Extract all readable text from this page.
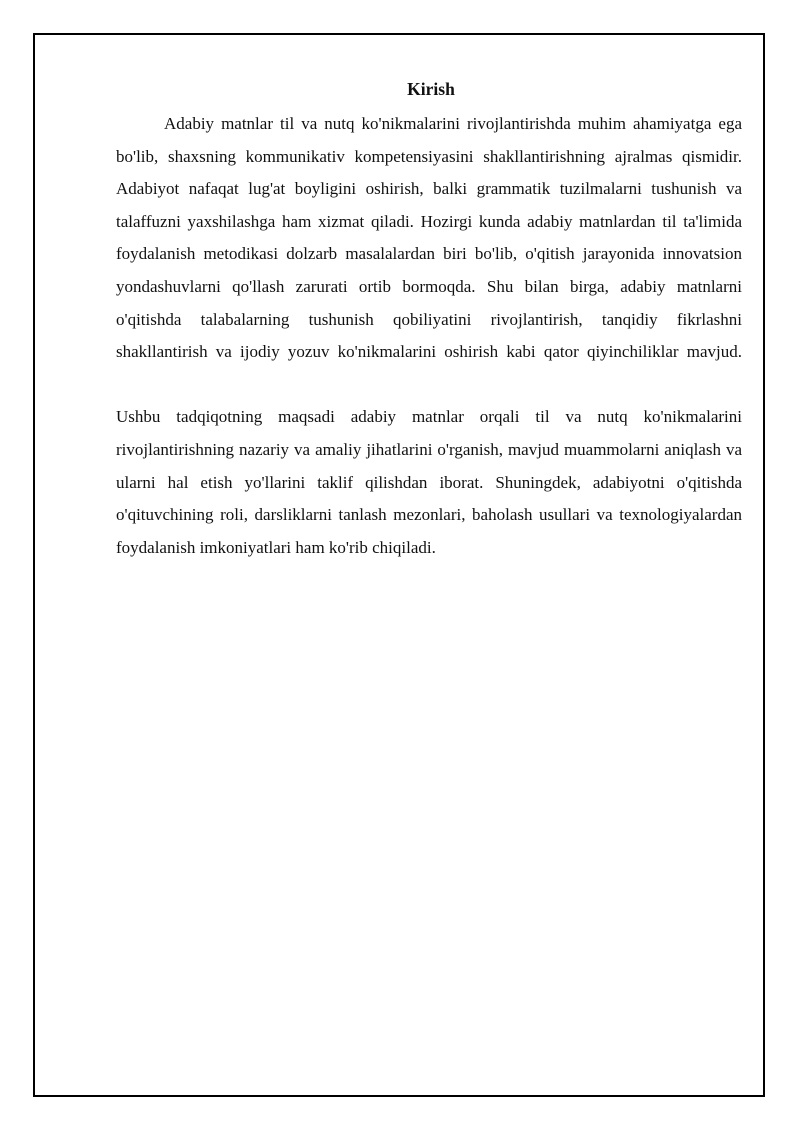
Kirish

Adabiy matnlar til va nutq ko'nikmalarini rivojlantirishda muhim ahamiyatga ega bo'lib, shaxsning kommunikativ kompetensiyasini shakllantirishning ajralmas qismidir. Adabiyot nafaqat lug'at boyligini oshirish, balki grammatik tuzilmalarni tushunish va talaffuzni yaxshilashga ham xizmat qiladi. Hozirgi kunda adabiy matnlardan til ta'limida foydalanish metodikasi dolzarb masalalardan biri bo'lib, o'qitish jarayonida innovatsion yondashuvlarni qo'llash zarurati ortib bormoqda. Shu bilan birga, adabiy matnlarni o'qitishda talabalarning tushunish qobiliyatini rivojlantirish, tanqidiy fikrlashni shakllantirish va ijodiy yozuv ko'nikmalarini oshirish kabi qator qiyinchiliklar mavjud.

Ushbu tadqiqotning maqsadi adabiy matnlar orqali til va nutq ko'nikmalarini rivojlantirishning nazariy va amaliy jihatlarini o'rganish, mavjud muammolarni aniqlash va ularni hal etish yo'llarini taklif qilishdan iborat. Shuningdek, adabiyotni o'qitishda o'qituvchining roli, darsliklarni tanlash mezonlari, baholash usullari va texnologiyalardan foydalanish imkoniyatlari ham ko'rib chiqiladi.
